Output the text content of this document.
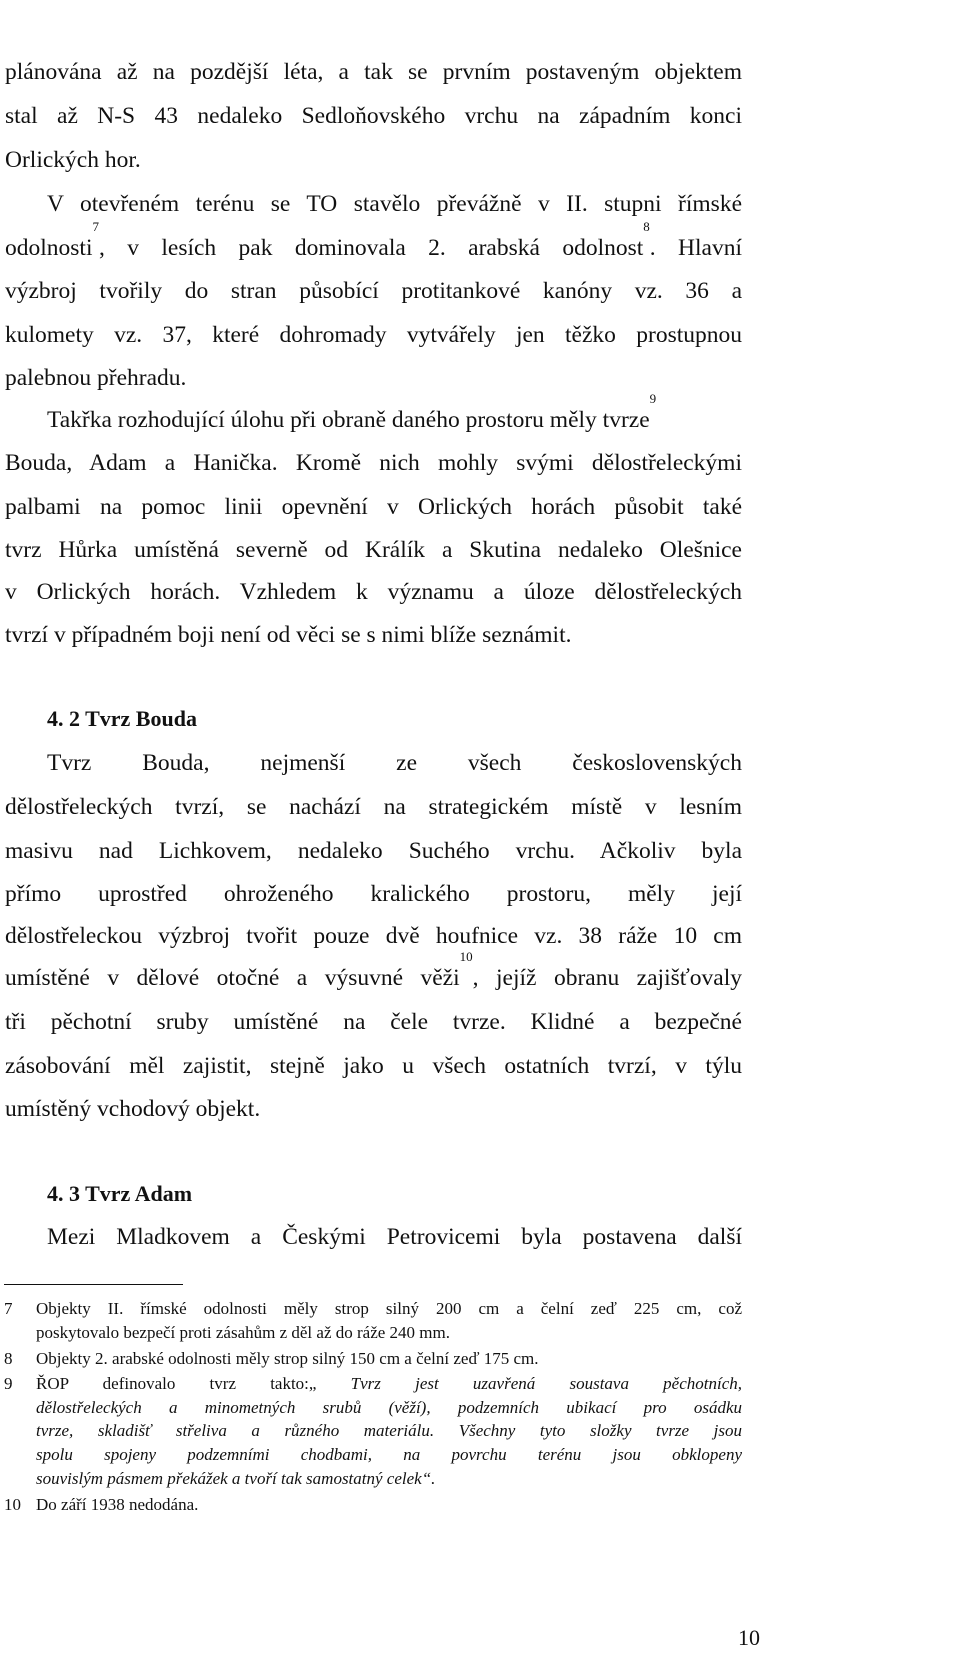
plánována až na pozdější léta, a tak se prvním postaveným objektem
stal až N-S 43 nedaleko Sedloňovského vrchu na západním konci
Orlických hor.
V otevřeném terénu se TO stavělo převážně v II. stupni římské
odolnosti$^7$, v lesích pak dominovala 2. arabská odolnost$^8$. Hlavní
výzbroj tvořily do stran působící protitankové kanóny vz. 36 a
kulomety vz. 37, které dohromady vytvářely jen těžko prostupnou
palebnou přehradu.
Takřka rozhodující úlohu při obraně daného prostoru měly tvrze$^9$
Bouda, Adam a Hanička. Kromě nich mohly svými dělostřeleckými
palbami na pomoc linii opevnění v Orlických horách působit také
tvrz Hůrka umístěná severně od Králík a Skutina nedaleko Olešnice
v Orlických horách. Vzhledem k významu a úloze dělostřeleckých
tvrzí v případném boji není od věci se s nimi blíže seznámit.
4. 2 Tvrz Bouda
Tvrz Bouda, nejmenší ze všech československých
dělostřeleckých tvrzí, se nachází na strategickém místě v lesním
masivu nad Lichkovem, nedaleko Suchého vrchu. Ačkoliv byla
přímo uprostřed ohroženého kralického prostoru, měly její
dělostřeleckou výzbroj tvořit pouze dvě houfnice vz. 38 ráže 10 cm
umístěné v dělové otočné a výsuvné věži$^{10}$, jejíž obranu zajišťovaly
tři pěchotní sruby umístěné na čele tvrze. Klidné a bezpečné
zásobování měl zajistit, stejně jako u všech ostatních tvrzí, v týlu
umístěný vchodový objekt.
4. 3 Tvrz Adam
Mezi Mladkovem a Českými Petrovicemi byla postavena další
7 Objekty II. římské odolnosti měly strop silný 200 cm a čelní zeď 225 cm, což
poskytovalo bezpečí proti zásahům z děl až do ráže 240 mm.
8 Objekty 2. arabské odolnosti měly strop silný 150 cm a čelní zeď 175 cm.
9 ŘOP definovalo tvrz takto:„ Tvrz jest uzavřená soustava pěchotních,
dělostřeleckých a minometných srubů (věží), podzemních ubikací pro osádku
tvrze, skladišť střeliva a různého materiálu. Všechny tyto složky tvrze jsou
spolu spojeny podzemními chodbami, na povrchu terénu jsou obklopeny
souvislým pásmem překážek a tvoří tak samostatný celek“.
10 Do září 1938 nedodána.
10
